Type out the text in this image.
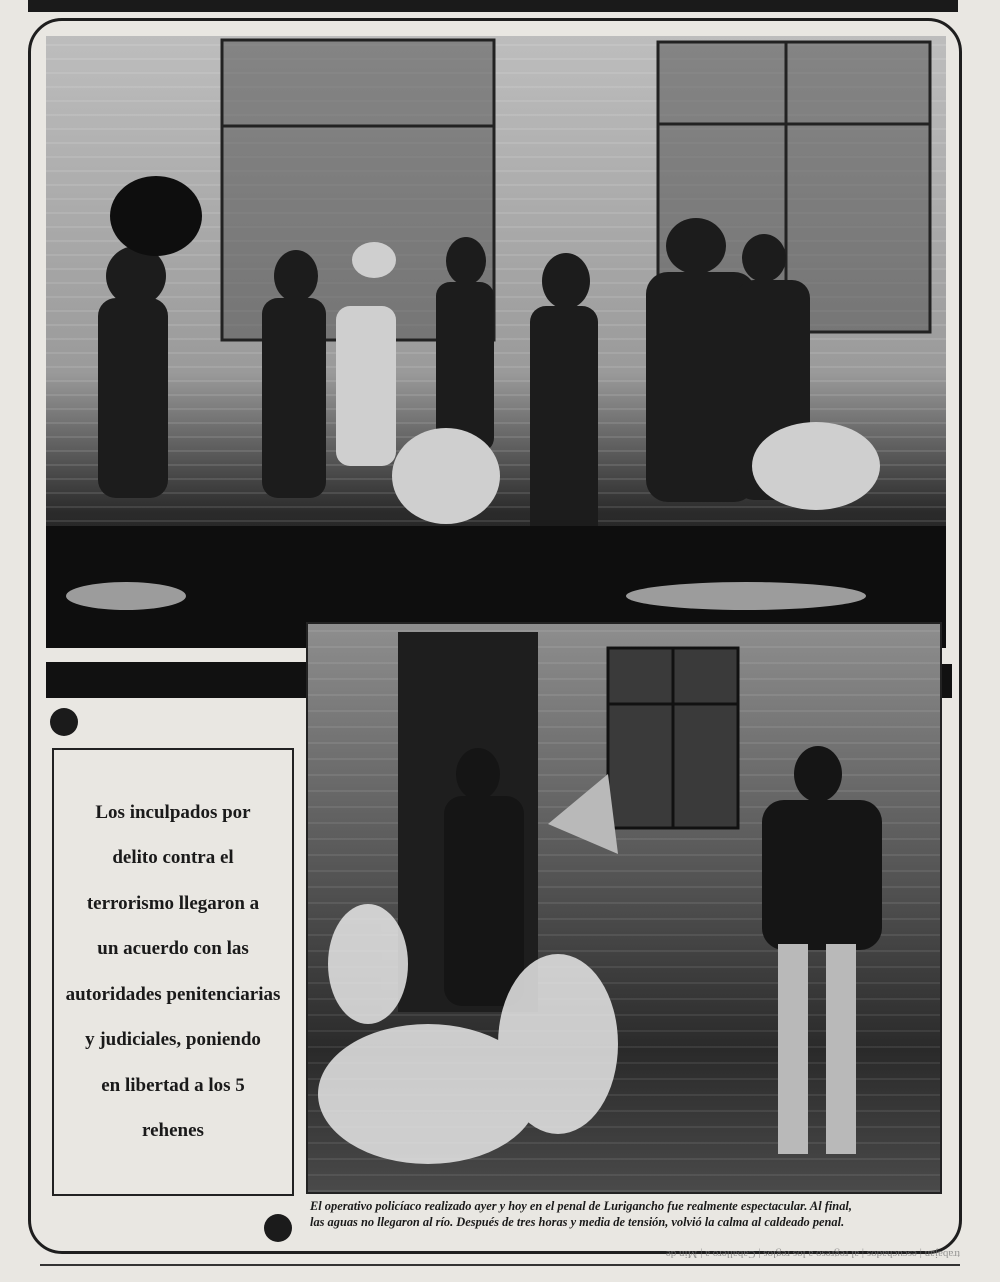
Los inculpados por
delito contra el
terrorismo llegaron a
un acuerdo con las
autoridades penitenciarias
y judiciales, poniendo
en libertad a los 5
rehenes
El operativo policíaco realizado ayer y hoy en el penal de Lurigancho fue realmente espectacular. Al final,
las aguas no llegaron al río. Después de tres horas y media de tensión, volvió la calma al caldeado penal.
trabajan | escuchados | al regreso a los reglos | Caballero a | Min de
